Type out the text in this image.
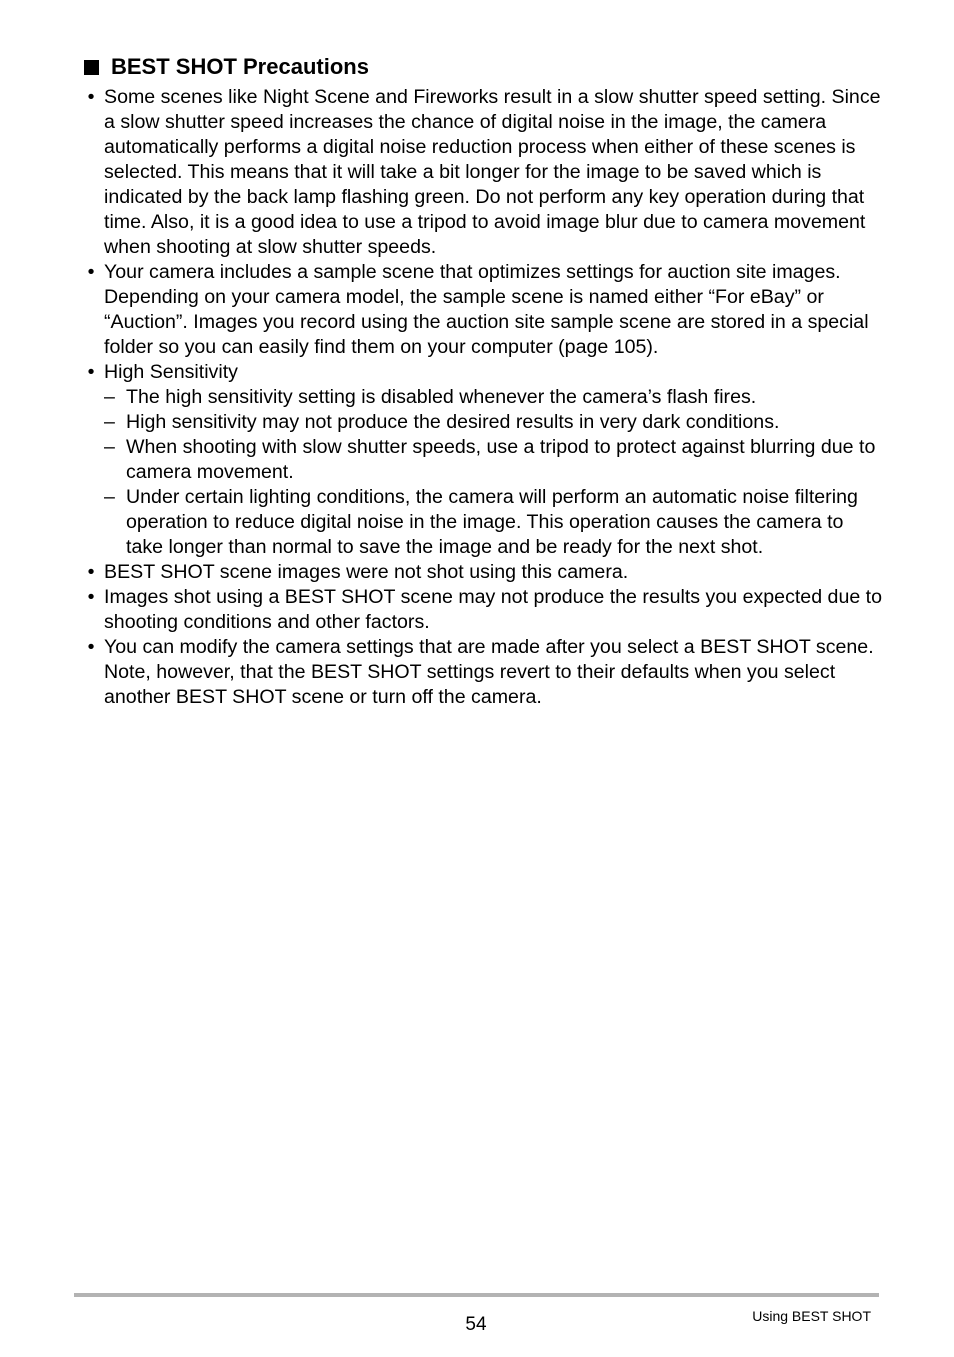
BEST SHOT Precautions
• Some scenes like Night Scene and Fireworks result in a slow shutter speed setting. Since a slow shutter speed increases the chance of digital noise in the image, the camera automatically performs a digital noise reduction process when either of these scenes is selected. This means that it will take a bit longer for the image to be saved which is indicated by the back lamp flashing green. Do not perform any key operation during that time. Also, it is a good idea to use a tripod to avoid image blur due to camera movement when shooting at slow shutter speeds.
• Your camera includes a sample scene that optimizes settings for auction site images. Depending on your camera model, the sample scene is named either “For eBay” or “Auction”. Images you record using the auction site sample scene are stored in a special folder so you can easily find them on your computer (page 105).
• High Sensitivity
– The high sensitivity setting is disabled whenever the camera’s flash fires.
– High sensitivity may not produce the desired results in very dark conditions.
– When shooting with slow shutter speeds, use a tripod to protect against blurring due to camera movement.
– Under certain lighting conditions, the camera will perform an automatic noise filtering operation to reduce digital noise in the image. This operation causes the camera to take longer than normal to save the image and be ready for the next shot.
• BEST SHOT scene images were not shot using this camera.
• Images shot using a BEST SHOT scene may not produce the results you expected due to shooting conditions and other factors.
• You can modify the camera settings that are made after you select a BEST SHOT scene. Note, however, that the BEST SHOT settings revert to their defaults when you select another BEST SHOT scene or turn off the camera.
54	Using BEST SHOT
